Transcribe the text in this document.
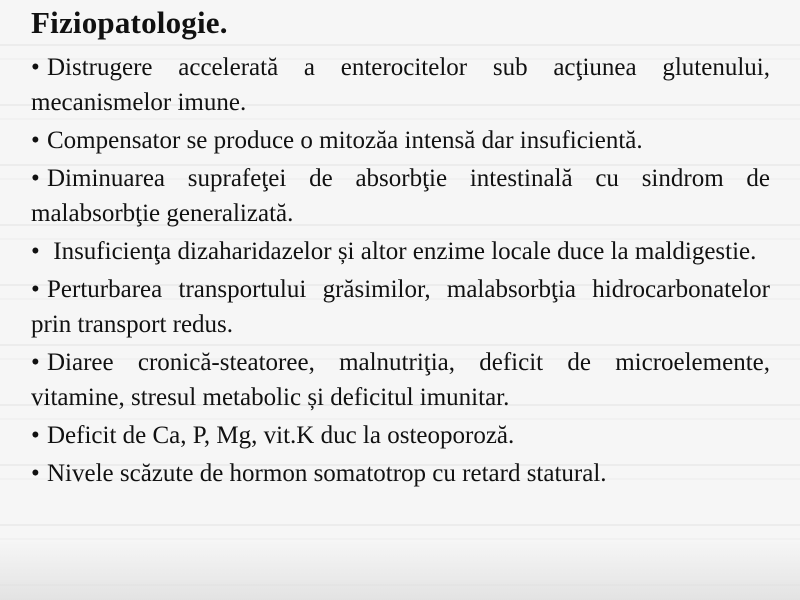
Fiziopatologie.
•Distrugere accelerată a enterocitelor sub acţiunea glutenului, mecanismelor imune.
•Compensator se produce o mitozăa intensă dar insuficientă.
•Diminuarea suprafeţei de absorbţie intestinală cu sindrom de malabsorbţie generalizată.
• Insuficienţa dizaharidazelor și altor enzime locale duce la maldigestie.
•Perturbarea transportului grăsimilor, malabsorbţia hidrocarbonatelor prin transport redus.
•Diaree cronică-steatoree, malnutriţia, deficit de microelemente, vitamine, stresul metabolic și deficitul imunitar.
•Deficit de Ca, P, Mg, vit.K duc la osteoporoză.
•Nivele scăzute de hormon somatotrop cu retard statural.
